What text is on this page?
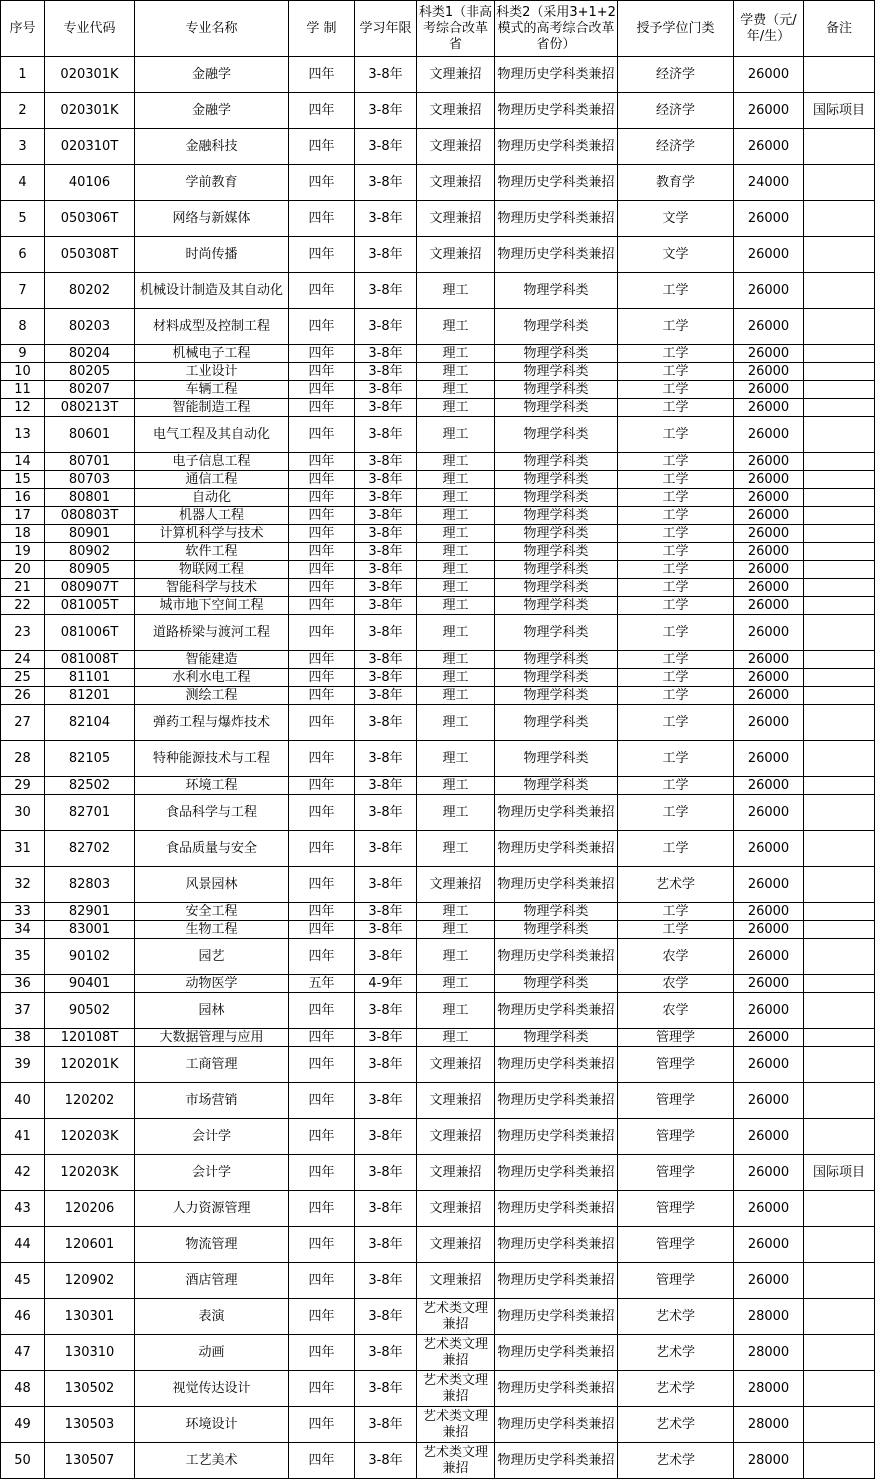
序号	专业代码	专业名称	学 制	学习年限	科类1（非高考综合改革省	科类2（采用3+1+2模式的高考综合改革省份）	授予学位门类	学费（元/年/生）	备注
1	020301K	金融学	四年	3-8年	文理兼招	物理历史学科类兼招	经济学	26000	
2	020301K	金融学	四年	3-8年	文理兼招	物理历史学科类兼招	经济学	26000	国际项目
3	020310T	金融科技	四年	3-8年	文理兼招	物理历史学科类兼招	经济学	26000	
4	40106	学前教育	四年	3-8年	文理兼招	物理历史学科类兼招	教育学	24000	
5	050306T	网络与新媒体	四年	3-8年	文理兼招	物理历史学科类兼招	文学	26000	
6	050308T	时尚传播	四年	3-8年	文理兼招	物理历史学科类兼招	文学	26000	
7	80202	机械设计制造及其自动化	四年	3-8年	理工	物理学科类	工学	26000	
8	80203	材料成型及控制工程	四年	3-8年	理工	物理学科类	工学	26000	
9	80204	机械电子工程	四年	3-8年	理工	物理学科类	工学	26000	
10	80205	工业设计	四年	3-8年	理工	物理学科类	工学	26000	
11	80207	车辆工程	四年	3-8年	理工	物理学科类	工学	26000	
12	080213T	智能制造工程	四年	3-8年	理工	物理学科类	工学	26000	
13	80601	电气工程及其自动化	四年	3-8年	理工	物理学科类	工学	26000	
14	80701	电子信息工程	四年	3-8年	理工	物理学科类	工学	26000	
15	80703	通信工程	四年	3-8年	理工	物理学科类	工学	26000	
16	80801	自动化	四年	3-8年	理工	物理学科类	工学	26000	
17	080803T	机器人工程	四年	3-8年	理工	物理学科类	工学	26000	
18	80901	计算机科学与技术	四年	3-8年	理工	物理学科类	工学	26000	
19	80902	软件工程	四年	3-8年	理工	物理学科类	工学	26000	
20	80905	物联网工程	四年	3-8年	理工	物理学科类	工学	26000	
21	080907T	智能科学与技术	四年	3-8年	理工	物理学科类	工学	26000	
22	081005T	城市地下空间工程	四年	3-8年	理工	物理学科类	工学	26000	
23	081006T	道路桥梁与渡河工程	四年	3-8年	理工	物理学科类	工学	26000	
24	081008T	智能建造	四年	3-8年	理工	物理学科类	工学	26000	
25	81101	水利水电工程	四年	3-8年	理工	物理学科类	工学	26000	
26	81201	测绘工程	四年	3-8年	理工	物理学科类	工学	26000	
27	82104	弹药工程与爆炸技术	四年	3-8年	理工	物理学科类	工学	26000	
28	82105	特种能源技术与工程	四年	3-8年	理工	物理学科类	工学	26000	
29	82502	环境工程	四年	3-8年	理工	物理学科类	工学	26000	
30	82701	食品科学与工程	四年	3-8年	理工	物理历史学科类兼招	工学	26000	
31	82702	食品质量与安全	四年	3-8年	理工	物理历史学科类兼招	工学	26000	
32	82803	风景园林	四年	3-8年	文理兼招	物理历史学科类兼招	艺术学	26000	
33	82901	安全工程	四年	3-8年	理工	物理学科类	工学	26000	
34	83001	生物工程	四年	3-8年	理工	物理学科类	工学	26000	
35	90102	园艺	四年	3-8年	理工	物理历史学科类兼招	农学	26000	
36	90401	动物医学	五年	4-9年	理工	物理学科类	农学	26000	
37	90502	园林	四年	3-8年	理工	物理历史学科类兼招	农学	26000	
38	120108T	大数据管理与应用	四年	3-8年	理工	物理学科类	管理学	26000	
39	120201K	工商管理	四年	3-8年	文理兼招	物理历史学科类兼招	管理学	26000	
40	120202	市场营销	四年	3-8年	文理兼招	物理历史学科类兼招	管理学	26000	
41	120203K	会计学	四年	3-8年	文理兼招	物理历史学科类兼招	管理学	26000	
42	120203K	会计学	四年	3-8年	文理兼招	物理历史学科类兼招	管理学	26000	国际项目
43	120206	人力资源管理	四年	3-8年	文理兼招	物理历史学科类兼招	管理学	26000	
44	120601	物流管理	四年	3-8年	文理兼招	物理历史学科类兼招	管理学	26000	
45	120902	酒店管理	四年	3-8年	文理兼招	物理历史学科类兼招	管理学	26000	
46	130301	表演	四年	3-8年	艺术类文理兼招	物理历史学科类兼招	艺术学	28000	
47	130310	动画	四年	3-8年	艺术类文理兼招	物理历史学科类兼招	艺术学	28000	
48	130502	视觉传达设计	四年	3-8年	艺术类文理兼招	物理历史学科类兼招	艺术学	28000	
49	130503	环境设计	四年	3-8年	艺术类文理兼招	物理历史学科类兼招	艺术学	28000	
50	130507	工艺美术	四年	3-8年	艺术类文理兼招	物理历史学科类兼招	艺术学	28000	
